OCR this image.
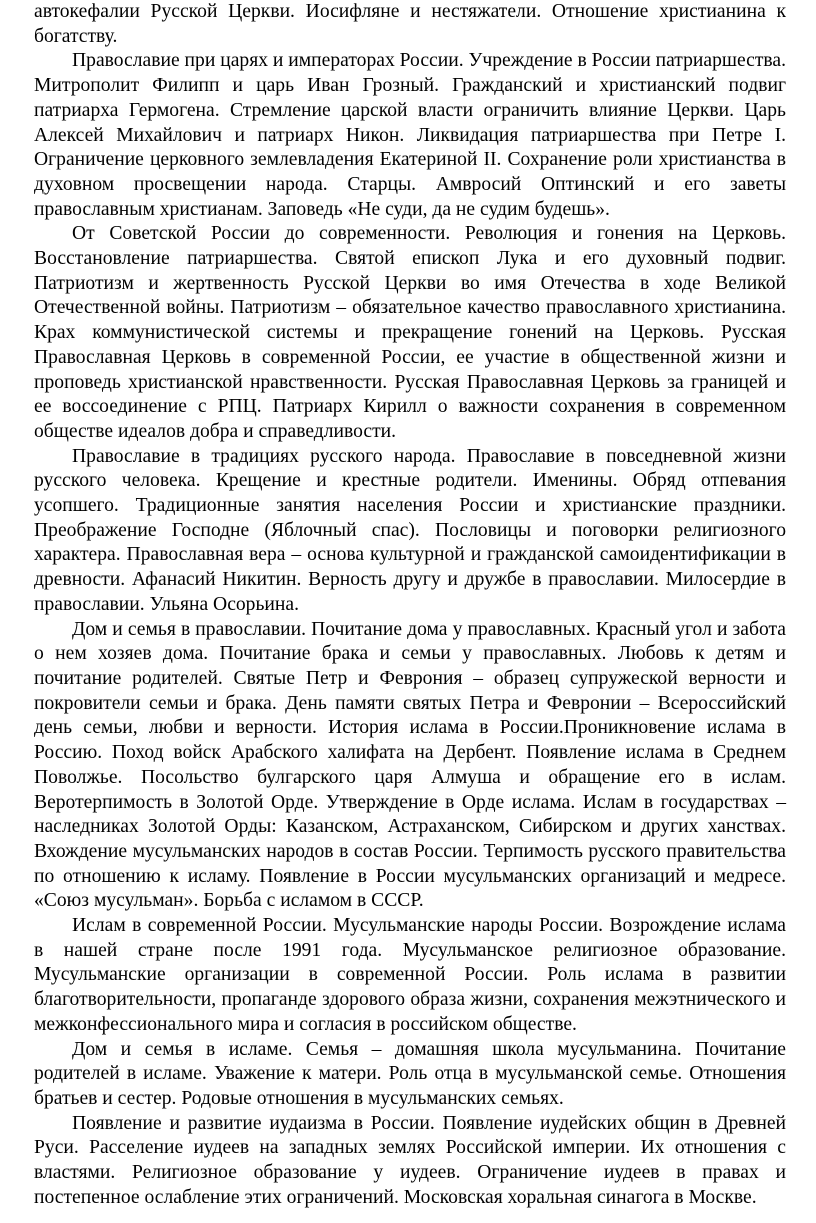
автокефалии Русской Церкви. Иосифляне и нестяжатели. Отношение христианина к богатству.

Православие при царях и императорах России. Учреждение в России патриаршества. Митрополит Филипп и царь Иван Грозный. Гражданский и христианский подвиг патриарха Гермогена. Стремление царской власти ограничить влияние Церкви. Царь Алексей Михайлович и патриарх Никон. Ликвидация патриаршества при Петре I. Ограничение церковного землевладения Екатериной II. Сохранение роли христианства в духовном просвещении народа. Старцы. Амвросий Оптинский и его заветы православным христианам. Заповедь «Не суди, да не судим будешь».

От Советской России до современности. Революция и гонения на Церковь. Восстановление патриаршества. Святой епископ Лука и его духовный подвиг. Патриотизм и жертвенность Русской Церкви во имя Отечества в ходе Великой Отечественной войны. Патриотизм – обязательное качество православного христианина. Крах коммунистической системы и прекращение гонений на Церковь. Русская Православная Церковь в современной России, ее участие в общественной жизни и проповедь христианской нравственности. Русская Православная Церковь за границей и ее воссоединение с РПЦ. Патриарх Кирилл о важности сохранения в современном обществе идеалов добра и справедливости.

Православие в традициях русского народа. Православие в повседневной жизни русского человека. Крещение и крестные родители. Именины. Обряд отпевания усопшего. Традиционные занятия населения России и христианские праздники. Преображение Господне (Яблочный спас). Пословицы и поговорки религиозного характера. Православная вера – основа культурной и гражданской самоидентификации в древности. Афанасий Никитин. Верность другу и дружбе в православии. Милосердие в православии. Ульяна Осорьина.

Дом и семья в православии. Почитание дома у православных. Красный угол и забота о нем хозяев дома. Почитание брака и семьи у православных. Любовь к детям и почитание родителей. Святые Петр и Феврония – образец супружеской верности и покровители семьи и брака. День памяти святых Петра и Февронии – Всероссийский день семьи, любви и верности. История ислама в России.Проникновение ислама в Россию. Поход войск Арабского халифата на Дербент. Появление ислама в Среднем Поволжье. Посольство булгарского царя Алмуша и обращение его в ислам. Веротерпимость в Золотой Орде. Утверждение в Орде ислама. Ислам в государствах – наследниках Золотой Орды: Казанском, Астраханском, Сибирском и других ханствах. Вхождение мусульманских народов в состав России. Терпимость русского правительства по отношению к исламу. Появление в России мусульманских организаций и медресе. «Союз мусульман». Борьба с исламом в СССР.

Ислам в современной России. Мусульманские народы России. Возрождение ислама в нашей стране после 1991 года. Мусульманское религиозное образование. Мусульманские организации в современной России. Роль ислама в развитии благотворительности, пропаганде здорового образа жизни, сохранения межэтнического и межконфессионального мира и согласия в российском обществе.

Дом и семья в исламе. Семья – домашняя школа мусульманина. Почитание родителей в исламе. Уважение к матери. Роль отца в мусульманской семье. Отношения братьев и сестер. Родовые отношения в мусульманских семьях.

Появление и развитие иудаизма в России. Появление иудейских общин в Древней Руси. Расселение иудеев на западных землях Российской империи. Их отношения с властями. Религиозное образование у иудеев. Ограничение иудеев в правах и постепенное ослабление этих ограничений. Московская хоральная синагога в Москве.
